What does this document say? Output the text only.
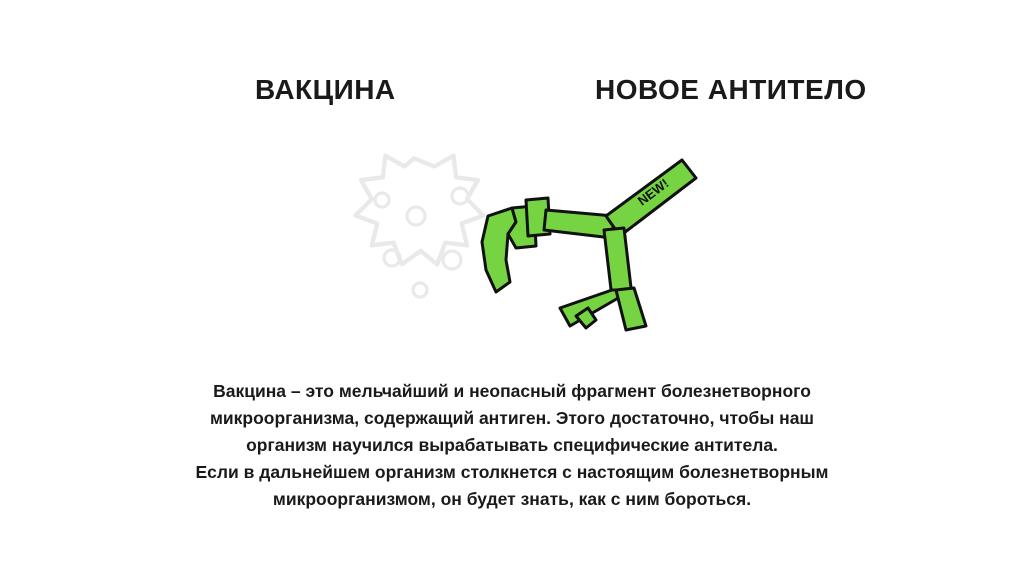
ВАКЦИНА	НОВОЕ АНТИТЕЛО
NEW!

Вакцина – это мельчайший и неопасный фрагмент болезнетворного

микроорганизма, содержащий антиген. Этого достаточно, чтобы наш

организм научился вырабатывать специфические антитела.

Если в дальнейшем организм столкнется с настоящим болезнетворным

микроорганизмом, он будет знать, как с ним бороться.
